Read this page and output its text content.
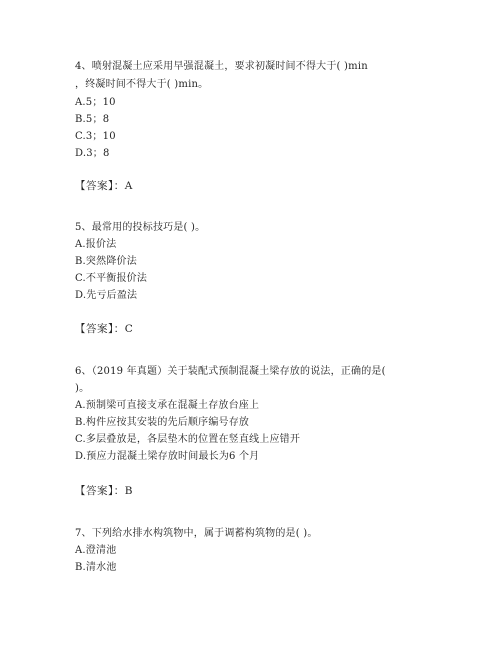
4、喷射混凝土应采用早强混凝土，要求初凝时间不得大于( )min
，终凝时间不得大于( )min。
A.5；10
B.5；8
C.3；10
D.3；8
【答案】：A
5、最常用的投标技巧是( )。
A.报价法
B.突然降价法
C.不平衡报价法
D.先亏后盈法
【答案】：C
6、（2019 年真题）关于装配式预制混凝土梁存放的说法，正确的是(
)。
A.预制梁可直接支承在混凝土存放台座上
B.构件应按其安装的先后顺序编号存放
C.多层叠放是，各层垫木的位置在竖直线上应错开
D.预应力混凝土梁存放时间最长为6 个月
【答案】：B
7、下列给水排水构筑物中，属于调蓄构筑物的是( )。
A.澄清池
B.清水池
